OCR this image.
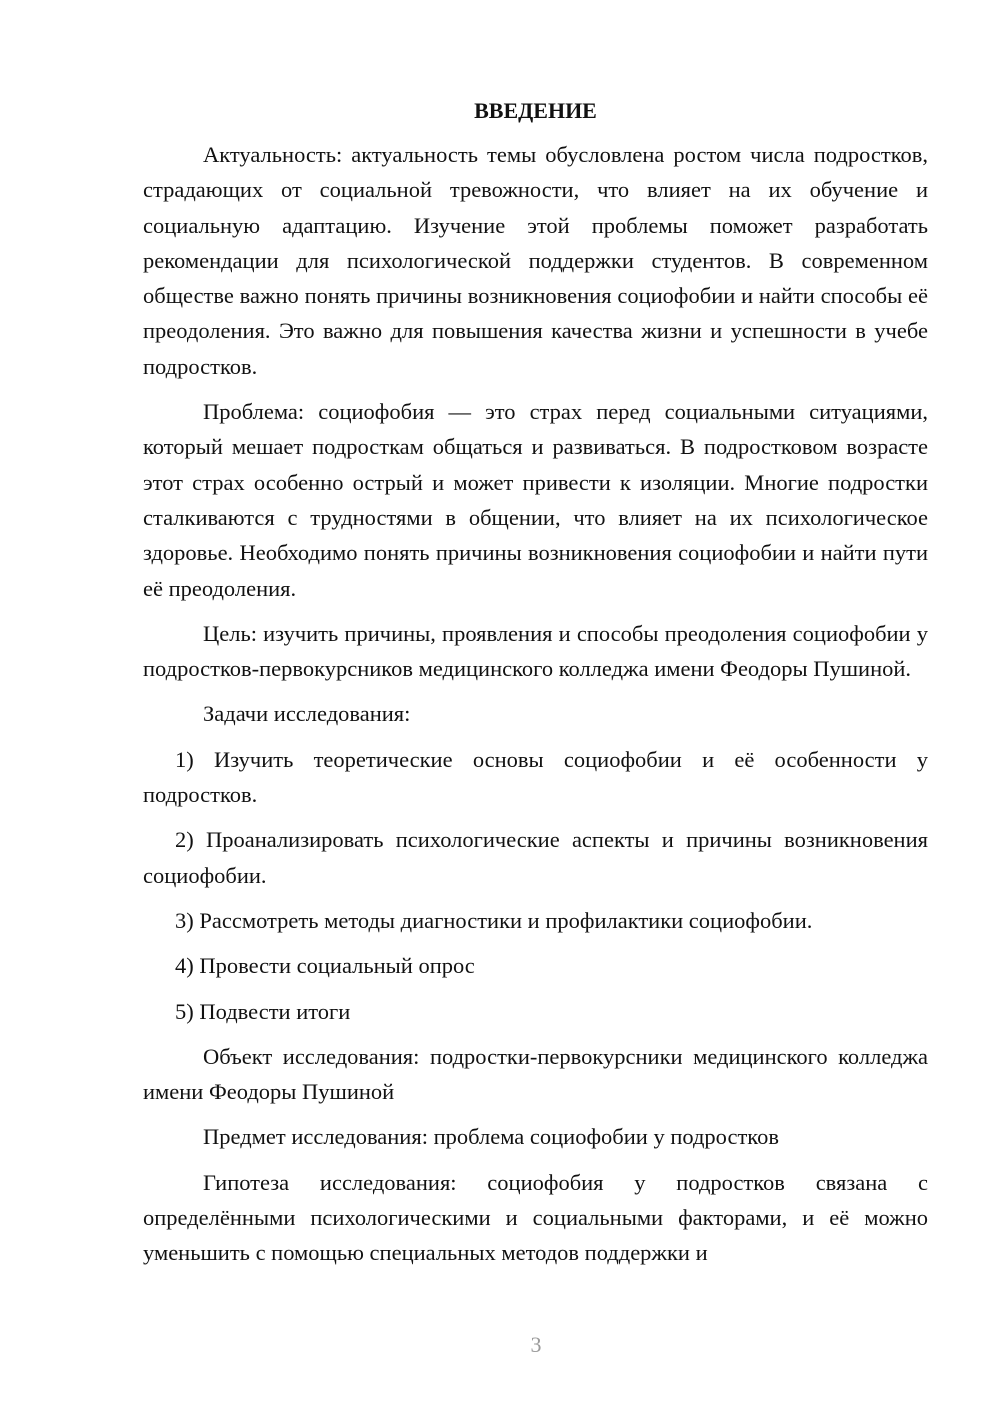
ВВЕДЕНИЕ

Актуальность: актуальность темы обусловлена ростом числа подростков, страдающих от социальной тревожности, что влияет на их обучение и социальную адаптацию. Изучение этой проблемы поможет разработать рекомендации для психологической поддержки студентов. В современном обществе важно понять причины возникновения социофобии и найти способы её преодоления. Это важно для повышения качества жизни и успешности в учебе подростков.

Проблема: социофобия — это страх перед социальными ситуациями, который мешает подросткам общаться и развиваться. В подростковом возрасте этот страх особенно острый и может привести к изоляции. Многие подростки сталкиваются с трудностями в общении, что влияет на их психологическое здоровье. Необходимо понять причины возникновения социофобии и найти пути её преодоления.

Цель: изучить причины, проявления и способы преодоления социофобии у подростков-первокурсников медицинского колледжа имени Феодоры Пушиной.

Задачи исследования:

1) Изучить теоретические основы социофобии и её особенности у подростков.

2) Проанализировать психологические аспекты и причины возникновения социофобии.

3) Рассмотреть методы диагностики и профилактики социофобии.

4) Провести социальный опрос

5) Подвести итоги

Объект исследования: подростки-первокурсники медицинского колледжа имени Феодоры Пушиной

Предмет исследования: проблема социофобии у подростков

Гипотеза исследования: социофобия у подростков связана с определёнными психологическими и социальными факторами, и её можно уменьшить с помощью специальных методов поддержки и

3
